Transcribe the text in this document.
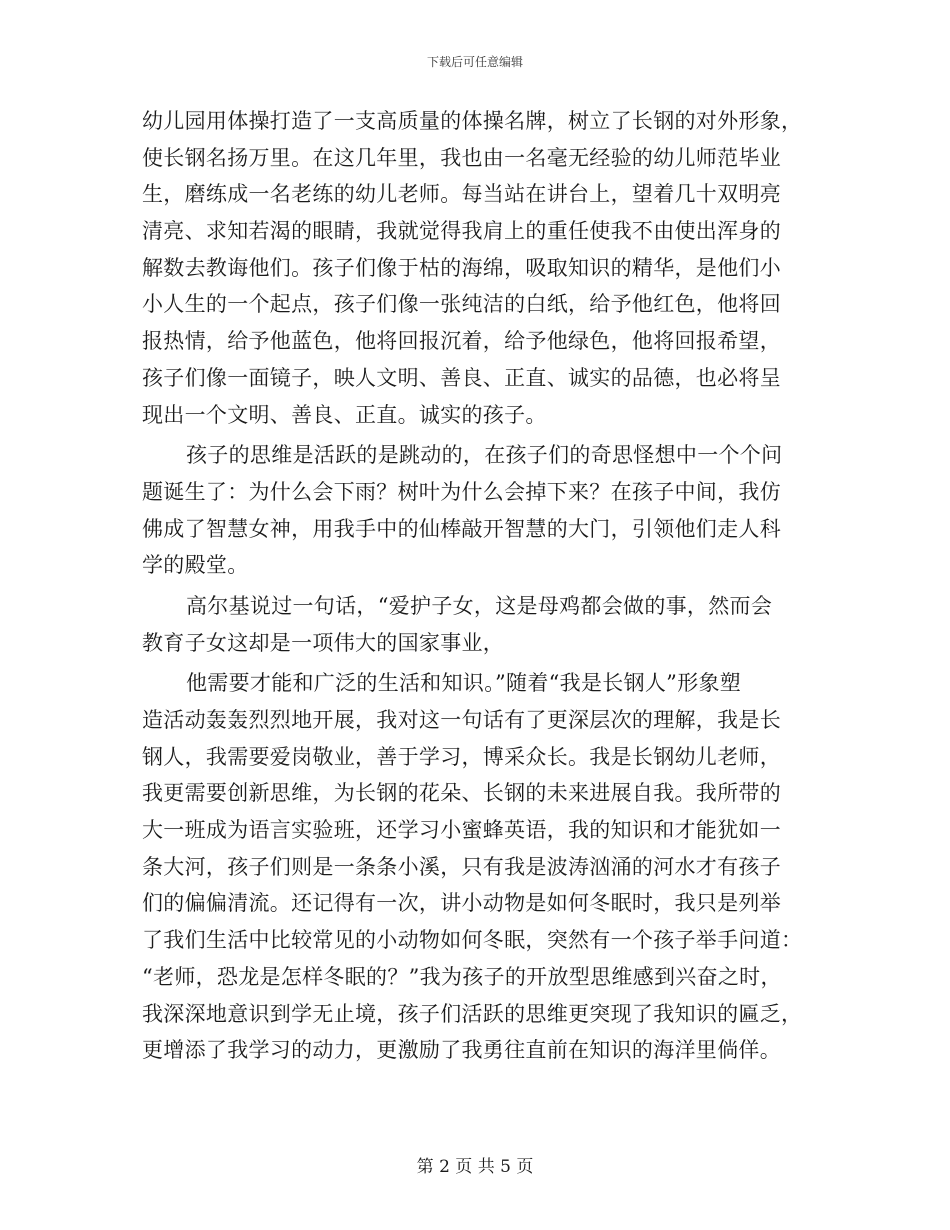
下载后可任意编辑
幼儿园用体操打造了一支高质量的体操名牌，树立了长钢的对外形象，
使长钢名扬万里。在这几年里，我也由一名毫无经验的幼儿师范毕业
生，磨练成一名老练的幼儿老师。每当站在讲台上，望着几十双明亮
清亮、求知若渴的眼睛，我就觉得我肩上的重任使我不由使出浑身的
解数去教诲他们。孩子们像于枯的海绵，吸取知识的精华，是他们小
小人生的一个起点，孩子们像一张纯洁的白纸，给予他红色，他将回
报热情，给予他蓝色，他将回报沉着，给予他绿色，他将回报希望，
孩子们像一面镜子，映人文明、善良、正直、诚实的品德，也必将呈
现出一个文明、善良、正直。诚实的孩子。
孩子的思维是活跃的是跳动的，在孩子们的奇思怪想中一个个问
题诞生了：为什么会下雨？树叶为什么会掉下来？在孩子中间，我仿
佛成了智慧女神，用我手中的仙棒敲开智慧的大门，引领他们走人科
学的殿堂。
高尔基说过一句话，“爱护子女，这是母鸡都会做的事，然而会
教育子女这却是一项伟大的国家事业，
他需要才能和广泛的生活和知识。”随着“我是长钢人”形象塑
造活动轰轰烈烈地开展，我对这一句话有了更深层次的理解，我是长
钢人，我需要爱岗敬业，善于学习，博采众长。我是长钢幼儿老师，
我更需要创新思维，为长钢的花朵、长钢的未来进展自我。我所带的
大一班成为语言实验班，还学习小蜜蜂英语，我的知识和才能犹如一
条大河，孩子们则是一条条小溪，只有我是波涛汹涌的河水才有孩子
们的偏偏清流。还记得有一次，讲小动物是如何冬眠时，我只是列举
了我们生活中比较常见的小动物如何冬眠，突然有一个孩子举手问道：
“老师，恐龙是怎样冬眠的？”我为孩子的开放型思维感到兴奋之时，
我深深地意识到学无止境，孩子们活跃的思维更突现了我知识的匾乏，
更增添了我学习的动力，更激励了我勇往直前在知识的海洋里倘佯。
第 2 页 共 5 页
